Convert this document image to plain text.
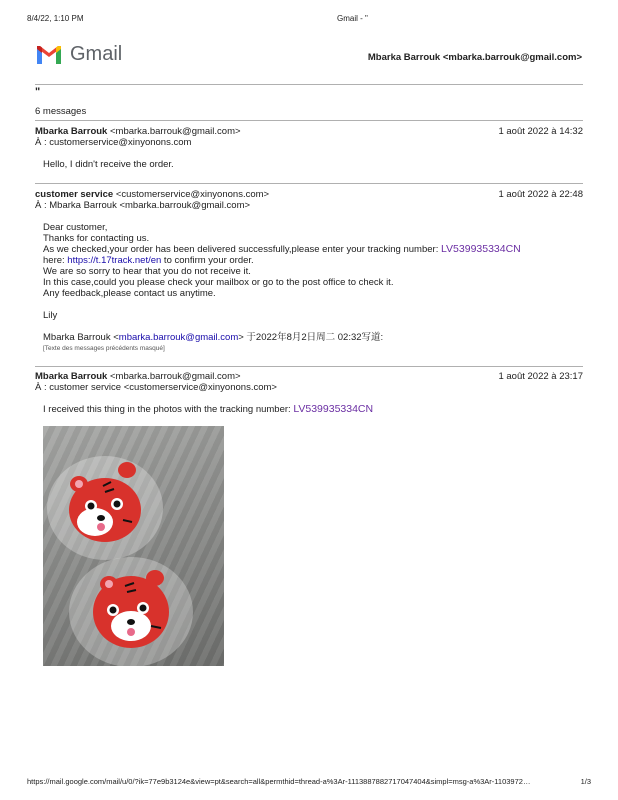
8/4/22, 1:10 PM	Gmail - "
Gmail	Mbarka Barrouk <mbarka.barrouk@gmail.com>
"
6 messages
Mbarka Barrouk <mbarka.barrouk@gmail.com>
À : customerservice@xinyonons.com
1 août 2022 à 14:32
Hello, I didn't receive the order.
customer service <customerservice@xinyonons.com>
À : Mbarka Barrouk <mbarka.barrouk@gmail.com>
1 août 2022 à 22:48
Dear customer,
Thanks for contacting us.
As we checked,your order has been delivered successfully,please enter your tracking number: LV539935334CN
here: https://t.17track.net/en to confirm your order.
We are so sorry to hear that you do not receive it.
In this case,could you please check your mailbox or go to the post office to check it.
Any feedback,please contact us anytime.
Lily
Mbarka Barrouk <mbarka.barrouk@gmail.com> 于2022年8月2日周二 02:32写道:
[Texte des messages précédents masqué]
Mbarka Barrouk <mbarka.barrouk@gmail.com>
À : customer service <customerservice@xinyonons.com>
1 août 2022 à 23:17
I received this thing in the photos with the tracking number: LV539935334CN
https://mail.google.com/mail/u/0/?ik=77e9b3124e&view=pt&search=all&permthid=thread-a%3Ar-1113887882717047404&simpl=msg-a%3Ar-1103972…	1/3
